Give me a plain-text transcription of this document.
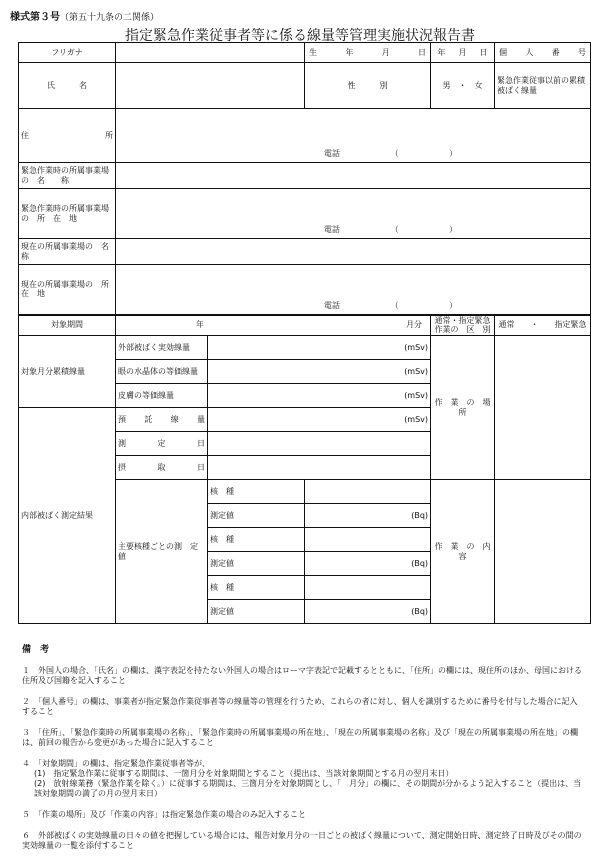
様式第３号（第五十九条の二関係）
指定緊急作業従事者等に係る線量等管理実施状況報告書
フリガナ			生 年 月 日	年 月 日	個 人 番 号
氏　　　名			性　　　別	男　・　女	緊急作業従事以前の累積被ばく線量
住　　　　　所	電話 （ ）				

緊急作業時の所属事業場の　名　　称					
緊急作業時の所属事業場の　所　在　地	電話 （ ）				

現在の所属事業場の　名　称					
現在の所属事業場の　所　在　地	電話 （ ）				

対象期間	年 月分			通常・指定緊急作業の　区　別	通常　　・　　指定緊急
対象月分累積線量	外部被ばく実効線量	(mSv)		作　業　の　場　所	
	眼の水晶体の等価線量	(mSv)			
	皮膚の等価線量	(mSv)			
内部被ばく測定結果	預　託　線　量	(mSv)			
	測　定　日				
	摂　取　日				
	主要核種ごとの測　定　値	核　種		作　業　の　内　容	
		測定値	(Bq)		
		核　種			
		測定値	(Bq)		
		核　種			
		測定値	(Bq)		
備　考
１　外国人の場合、「氏名」の欄は、漢字表記を持たない外国人の場合はローマ字表記で記載するとともに、「住所」の欄には、現住所のほか、母国における住所及び国籍を記入すること
２　「個人番号」の欄は、事業者が指定緊急作業従事者等の線量等の管理を行うため、これらの者に対し、個人を識別するために番号を付与した場合に記入すること
３　「住所」、「緊急作業時の所属事業場の名称」、「緊急作業時の所属事業場の所在地」、「現在の所属事業場の名称」及び「現在の所属事業場の所在地」の欄は、前回の報告から変更があった場合に記入すること
４　「対象期間」の欄は、指定緊急作業従事者等が、
(1)　指定緊急作業に従事する期間は、一箇月分を対象期間とすること（提出は、当該対象期間とする月の翌月末日）
(2)　放射線業務（緊急作業を除く。）に従事する期間は、三箇月分を対象期間とし、「　月分」の欄に、その期間が分かるよう記入すること（提出は、当該対象期間の満了の月の翌月末日）
５　「作業の場所」及び「作業の内容」は指定緊急作業の場合のみ記入すること
６　外部被ばくの実効線量の日々の値を把握している場合には、報告対象月分の一日ごとの被ばく線量について、測定開始日時、測定終了日時及びその間の実効線量の一覧を添付すること
